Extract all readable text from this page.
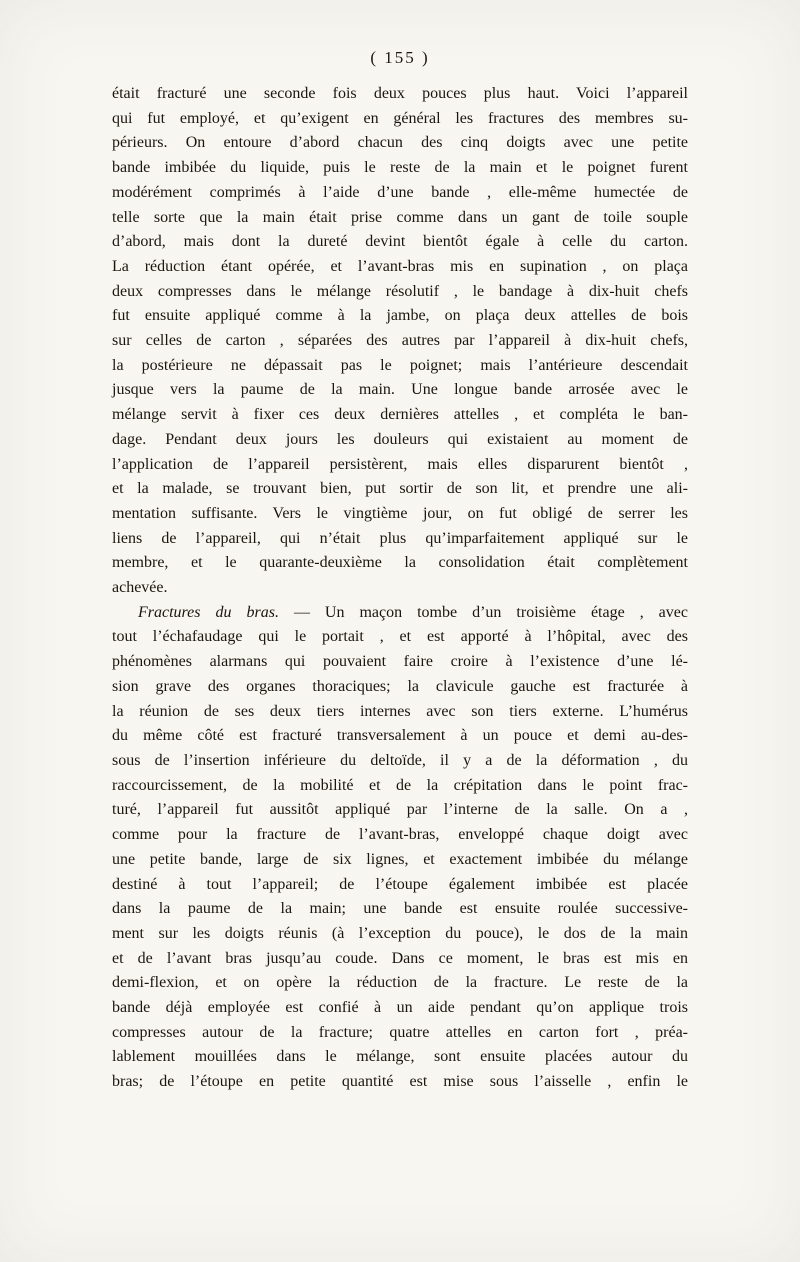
( 155 )
était fracturé une seconde fois deux pouces plus haut. Voici l’appareil
qui fut employé, et qu’exigent en général les fractures des membres su-
périeurs. On entoure d’abord chacun des cinq doigts avec une petite
bande imbibée du liquide, puis le reste de la main et le poignet furent
modérément comprimés à l’aide d’une bande , elle-même humectée de
telle sorte que la main était prise comme dans un gant de toile souple
d’abord, mais dont la dureté devint bientôt égale à celle du carton.
La réduction étant opérée, et l’avant-bras mis en supination , on plaça
deux compresses dans le mélange résolutif , le bandage à dix-huit chefs
fut ensuite appliqué comme à la jambe, on plaça deux attelles de bois
sur celles de carton , séparées des autres par l’appareil à dix-huit chefs,
la postérieure ne dépassait pas le poignet; mais l’antérieure descendait
jusque vers la paume de la main. Une longue bande arrosée avec le
mélange servit à fixer ces deux dernières attelles , et compléta le ban-
dage. Pendant deux jours les douleurs qui existaient au moment de
l’application de l’appareil persistèrent, mais elles disparurent bientôt ,
et la malade, se trouvant bien, put sortir de son lit, et prendre une ali-
mentation suffisante. Vers le vingtième jour, on fut obligé de serrer les
liens de l’appareil, qui n’était plus qu’imparfaitement appliqué sur le
membre, et le quarante-deuxième la consolidation était complètement
achevée.
Fractures du bras. — Un maçon tombe d’un troisième étage , avec
tout l’échafaudage qui le portait , et est apporté à l’hôpital, avec des
phénomènes alarmans qui pouvaient faire croire à l’existence d’une lé-
sion grave des organes thoraciques; la clavicule gauche est fracturée à
la réunion de ses deux tiers internes avec son tiers externe. L’humérus
du même côté est fracturé transversalement à un pouce et demi au-des-
sous de l’insertion inférieure du deltoïde, il y a de la déformation , du
raccourcissement, de la mobilité et de la crépitation dans le point frac-
turé, l’appareil fut aussitôt appliqué par l’interne de la salle. On a ,
comme pour la fracture de l’avant-bras, enveloppé chaque doigt avec
une petite bande, large de six lignes, et exactement imbibée du mélange
destiné à tout l’appareil; de l’étoupe également imbibée est placée
dans la paume de la main; une bande est ensuite roulée successive-
ment sur les doigts réunis (à l’exception du pouce), le dos de la main
et de l’avant bras jusqu’au coude. Dans ce moment, le bras est mis en
demi-flexion, et on opère la réduction de la fracture. Le reste de la
bande déjà employée est confié à un aide pendant qu’on applique trois
compresses autour de la fracture; quatre attelles en carton fort , préa-
lablement mouillées dans le mélange, sont ensuite placées autour du
bras; de l’étoupe en petite quantité est mise sous l’aisselle , enfin le
